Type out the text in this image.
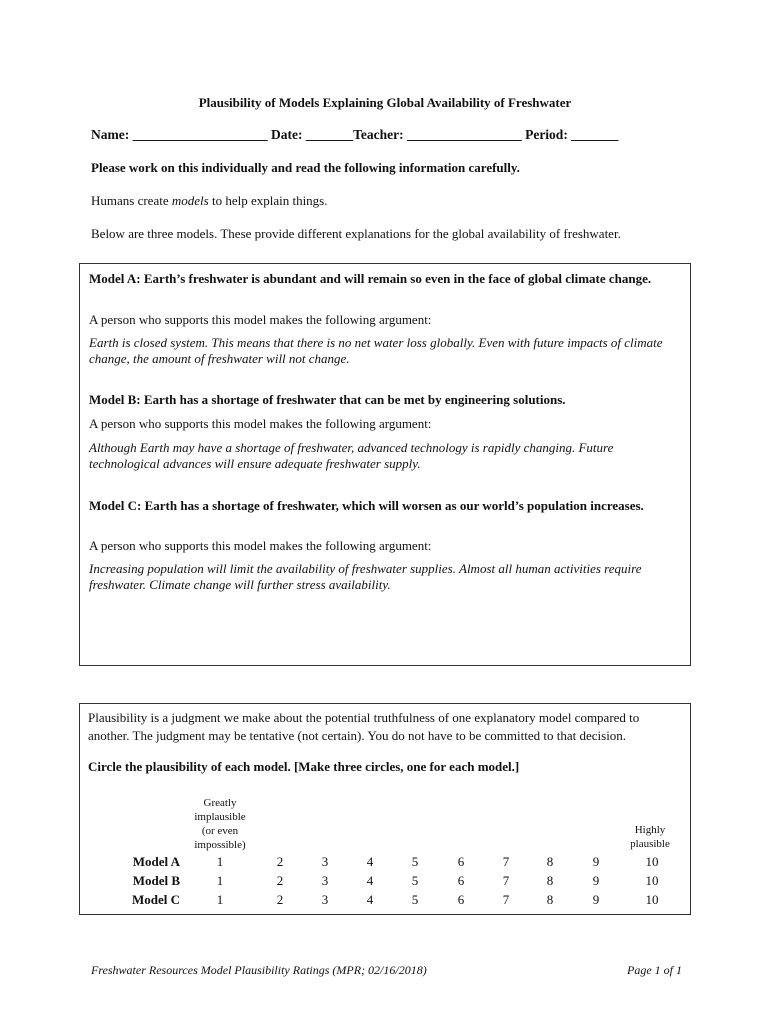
Plausibility of Models Explaining Global Availability of Freshwater
Name: ____________________ Date: _______Teacher: _________________ Period: _______
Please work on this individually and read the following information carefully.
Humans create models to help explain things.
Below are three models. These provide different explanations for the global availability of freshwater.
Model A: Earth’s freshwater is abundant and will remain so even in the face of global climate change.
A person who supports this model makes the following argument:
Earth is closed system. This means that there is no net water loss globally. Even with future impacts of climate change, the amount of freshwater will not change.
Model B: Earth has a shortage of freshwater that can be met by engineering solutions.
A person who supports this model makes the following argument:
Although Earth may have a shortage of freshwater, advanced technology is rapidly changing. Future technological advances will ensure adequate freshwater supply.
Model C: Earth has a shortage of freshwater, which will worsen as our world’s population increases.
A person who supports this model makes the following argument:
Increasing population will limit the availability of freshwater supplies. Almost all human activities require freshwater. Climate change will further stress availability.
Plausibility is a judgment we make about the potential truthfulness of one explanatory model compared to another. The judgment may be tentative (not certain). You do not have to be committed to that decision.
Circle the plausibility of each model. [Make three circles, one for each model.]
Greatly
implausible
(or even
impossible)
Highly
plausible
Model A	1	2	3	4	5	6	7	8	9	10
Model B	1	2	3	4	5	6	7	8	9	10
Model C	1	2	3	4	5	6	7	8	9	10
Freshwater Resources Model Plausibility Ratings (MPR; 02/16/2018)	Page 1 of 1
